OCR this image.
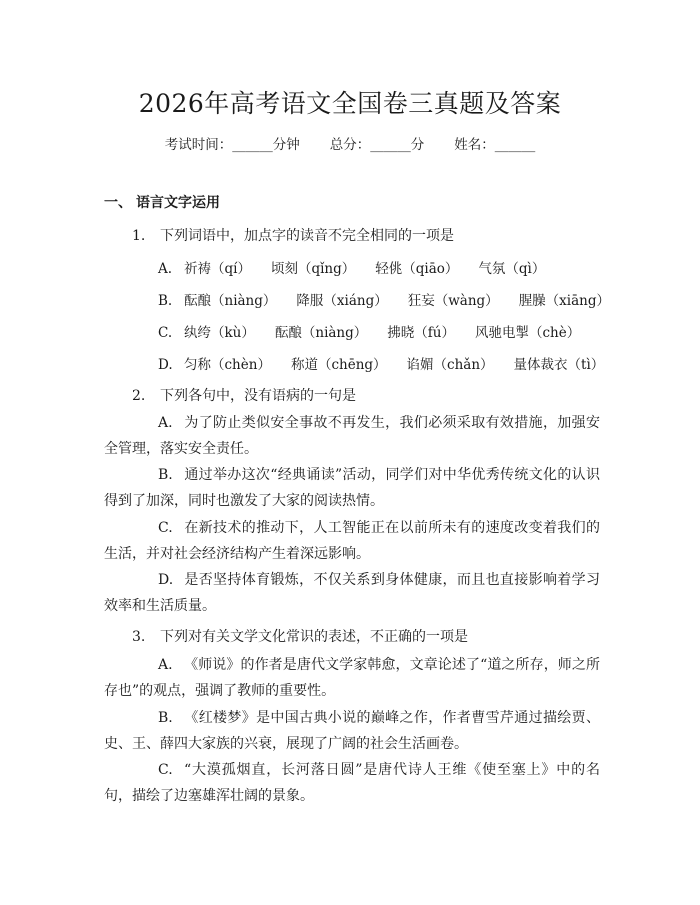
2026年高考语文全国卷三真题及答案
考试时间：______分钟 总分：______分 姓名：______
一、 语言文字运用
1. 下列词语中，加点字的读音不完全相同的一项是
A. 祈祷（qí） 顷刻（qǐng） 轻佻（qiāo） 气氛（qì）
B. 酝酿（niàng） 降服（xiáng） 狂妄（wàng） 腥臊（xiāng）
C. 纨绔（kù） 酝酿（niàng） 拂晓（fú） 风驰电掣（chè）
D. 匀称（chèn） 称道（chēng） 谄媚（chǎn） 量体裁衣（tì）
2. 下列各句中，没有语病的一句是
A. 为了防止类似安全事故不再发生，我们必须采取有效措施，加强安全管理，落实安全责任。
B. 通过举办这次“经典诵读”活动，同学们对中华优秀传统文化的认识得到了加深，同时也激发了大家的阅读热情。
C. 在新技术的推动下，人工智能正在以前所未有的速度改变着我们的生活，并对社会经济结构产生着深远影响。
D. 是否坚持体育锻炼，不仅关系到身体健康，而且也直接影响着学习效率和生活质量。
3. 下列对有关文学文化常识的表述，不正确的一项是
A. 《师说》的作者是唐代文学家韩愈，文章论述了“道之所存，师之所存也”的观点，强调了教师的重要性。
B. 《红楼梦》是中国古典小说的巅峰之作，作者曹雪芹通过描绘贾、史、王、薛四大家族的兴衰，展现了广阔的社会生活画卷。
C. “大漠孤烟直，长河落日圆”是唐代诗人王维《使至塞上》中的名句，描绘了边塞雄浑壮阔的景象。
